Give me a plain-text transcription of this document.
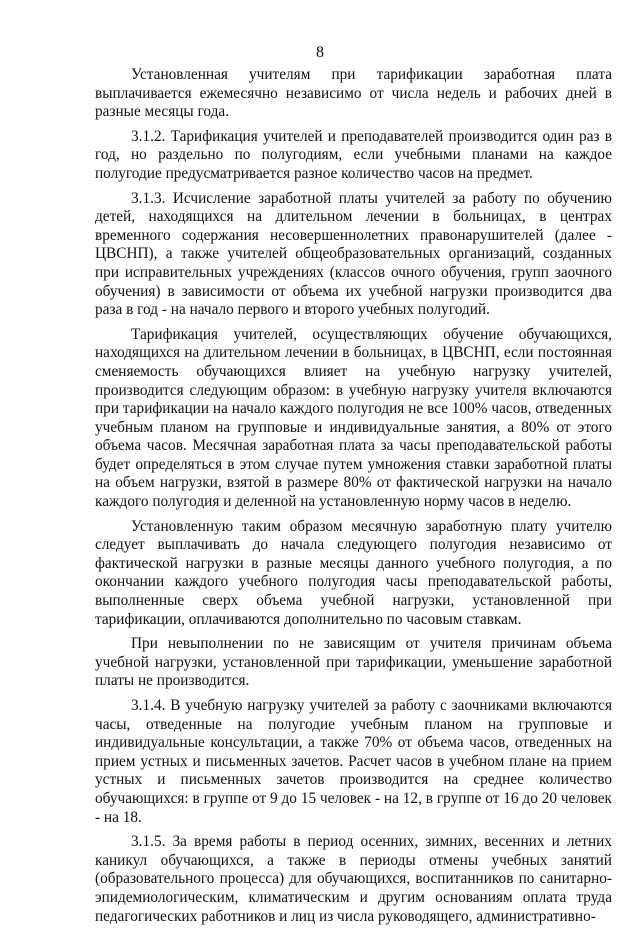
8

Установленная учителям при тарификации заработная плата выплачивается ежемесячно независимо от числа недель и рабочих дней в разные месяцы года.

3.1.2. Тарификация учителей и преподавателей производится один раз в год, но раздельно по полугодиям, если учебными планами на каждое полугодие предусматривается разное количество часов на предмет.

3.1.3. Исчисление заработной платы учителей за работу по обучению детей, находящихся на длительном лечении в больницах, в центрах временного содержания несовершеннолетних правонарушителей (далее - ЦВСНП), а также учителей общеобразовательных организаций, созданных при исправительных учреждениях (классов очного обучения, групп заочного обучения) в зависимости от объема их учебной нагрузки производится два раза в год - на начало первого и второго учебных полугодий.

Тарификация учителей, осуществляющих обучение обучающихся, находящихся на длительном лечении в больницах, в ЦВСНП, если постоянная сменяемость обучающихся влияет на учебную нагрузку учителей, производится следующим образом: в учебную нагрузку учителя включаются при тарификации на начало каждого полугодия не все 100% часов, отведенных учебным планом на групповые и индивидуальные занятия, а 80% от этого объема часов. Месячная заработная плата за часы преподавательской работы будет определяться в этом случае путем умножения ставки заработной платы на объем нагрузки, взятой в размере 80% от фактической нагрузки на начало каждого полугодия и деленной на установленную норму часов в неделю.

Установленную таким образом месячную заработную плату учителю следует выплачивать до начала следующего полугодия независимо от фактической нагрузки в разные месяцы данного учебного полугодия, а по окончании каждого учебного полугодия часы преподавательской работы, выполненные сверх объема учебной нагрузки, установленной при тарификации, оплачиваются дополнительно по часовым ставкам.

При невыполнении по не зависящим от учителя причинам объема учебной нагрузки, установленной при тарификации, уменьшение заработной платы не производится.

3.1.4. В учебную нагрузку учителей за работу с заочниками включаются часы, отведенные на полугодие учебным планом на групповые и индивидуальные консультации, а также 70% от объема часов, отведенных на прием устных и письменных зачетов. Расчет часов в учебном плане на прием устных и письменных зачетов производится на среднее количество обучающихся: в группе от 9 до 15 человек - на 12, в группе от 16 до 20 человек - на 18.

3.1.5. За время работы в период осенних, зимних, весенних и летних каникул обучающихся, а также в периоды отмены учебных занятий (образовательного процесса) для обучающихся, воспитанников по санитарно-эпидемиологическим, климатическим и другим основаниям оплата труда педагогических работников и лиц из числа руководящего, административно-
